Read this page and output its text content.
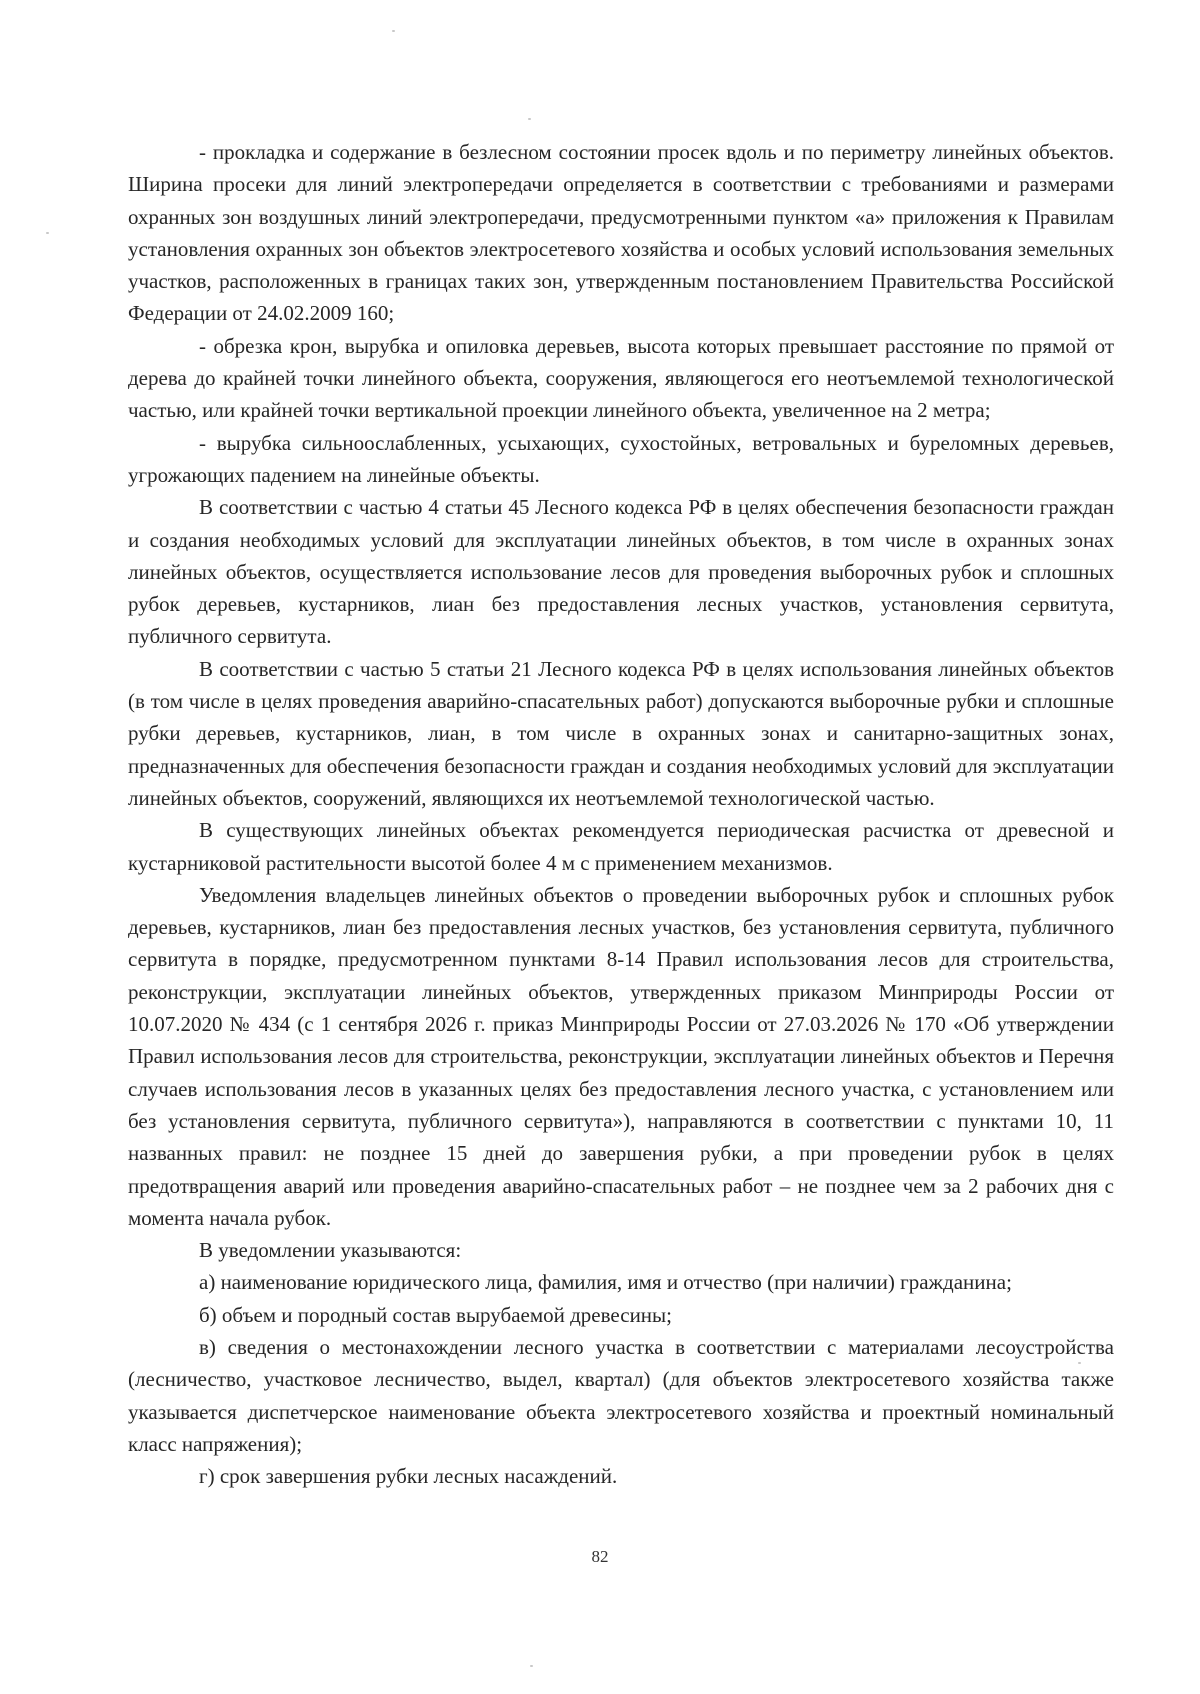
- прокладка и содержание в безлесном состоянии просек вдоль и по периметру линейных объектов. Ширина просеки для линий электропередачи определяется в соответствии с требованиями и размерами охранных зон воздушных линий электропередачи, предусмотренными пунктом «а» приложения к Правилам установления охранных зон объектов электросетевого хозяйства и особых условий использования земельных участков, расположенных в границах таких зон, утвержденным постановлением Правительства Российской Федерации от 24.02.2009 160;

- обрезка крон, вырубка и опиловка деревьев, высота которых превышает расстояние по прямой от дерева до крайней точки линейного объекта, сооружения, являющегося его неотъемлемой технологической частью, или крайней точки вертикальной проекции линейного объекта, увеличенное на 2 метра;

- вырубка сильноослабленных, усыхающих, сухостойных, ветровальных и буреломных деревьев, угрожающих падением на линейные объекты.

В соответствии с частью 4 статьи 45 Лесного кодекса РФ в целях обеспечения безопасности граждан и создания необходимых условий для эксплуатации линейных объектов, в том числе в охранных зонах линейных объектов, осуществляется использование лесов для проведения выборочных рубок и сплошных рубок деревьев, кустарников, лиан без предоставления лесных участков, установления сервитута, публичного сервитута.

В соответствии с частью 5 статьи 21 Лесного кодекса РФ в целях использования линейных объектов (в том числе в целях проведения аварийно-спасательных работ) допускаются выборочные рубки и сплошные рубки деревьев, кустарников, лиан, в том числе в охранных зонах и санитарно-защитных зонах, предназначенных для обеспечения безопасности граждан и создания необходимых условий для эксплуатации линейных объектов, сооружений, являющихся их неотъемлемой технологической частью.

В существующих линейных объектах рекомендуется периодическая расчистка от древесной и кустарниковой растительности высотой более 4 м с применением механизмов.

Уведомления владельцев линейных объектов о проведении выборочных рубок и сплошных рубок деревьев, кустарников, лиан без предоставления лесных участков, без установления сервитута, публичного сервитута в порядке, предусмотренном пунктами 8-14 Правил использования лесов для строительства, реконструкции, эксплуатации линейных объектов, утвержденных приказом Минприроды России от 10.07.2020 № 434 (с 1 сентября 2026 г. приказ Минприроды России от 27.03.2026 № 170 «Об утверждении Правил использования лесов для строительства, реконструкции, эксплуатации линейных объектов и Перечня случаев использования лесов в указанных целях без предоставления лесного участка, с установлением или без установления сервитута, публичного сервитута»), направляются в соответствии с пунктами 10, 11 названных правил: не позднее 15 дней до завершения рубки, а при проведении рубок в целях предотвращения аварий или проведения аварийно-спасательных работ – не позднее чем за 2 рабочих дня с момента начала рубок.

В уведомлении указываются:

а) наименование юридического лица, фамилия, имя и отчество (при наличии) гражданина;

б) объем и породный состав вырубаемой древесины;

в) сведения о местонахождении лесного участка в соответствии с материалами лесоустройства (лесничество, участковое лесничество, выдел, квартал) (для объектов электросетевого хозяйства также указывается диспетчерское наименование объекта электросетевого хозяйства и проектный номинальный класс напряжения);

г) срок завершения рубки лесных насаждений.

82
